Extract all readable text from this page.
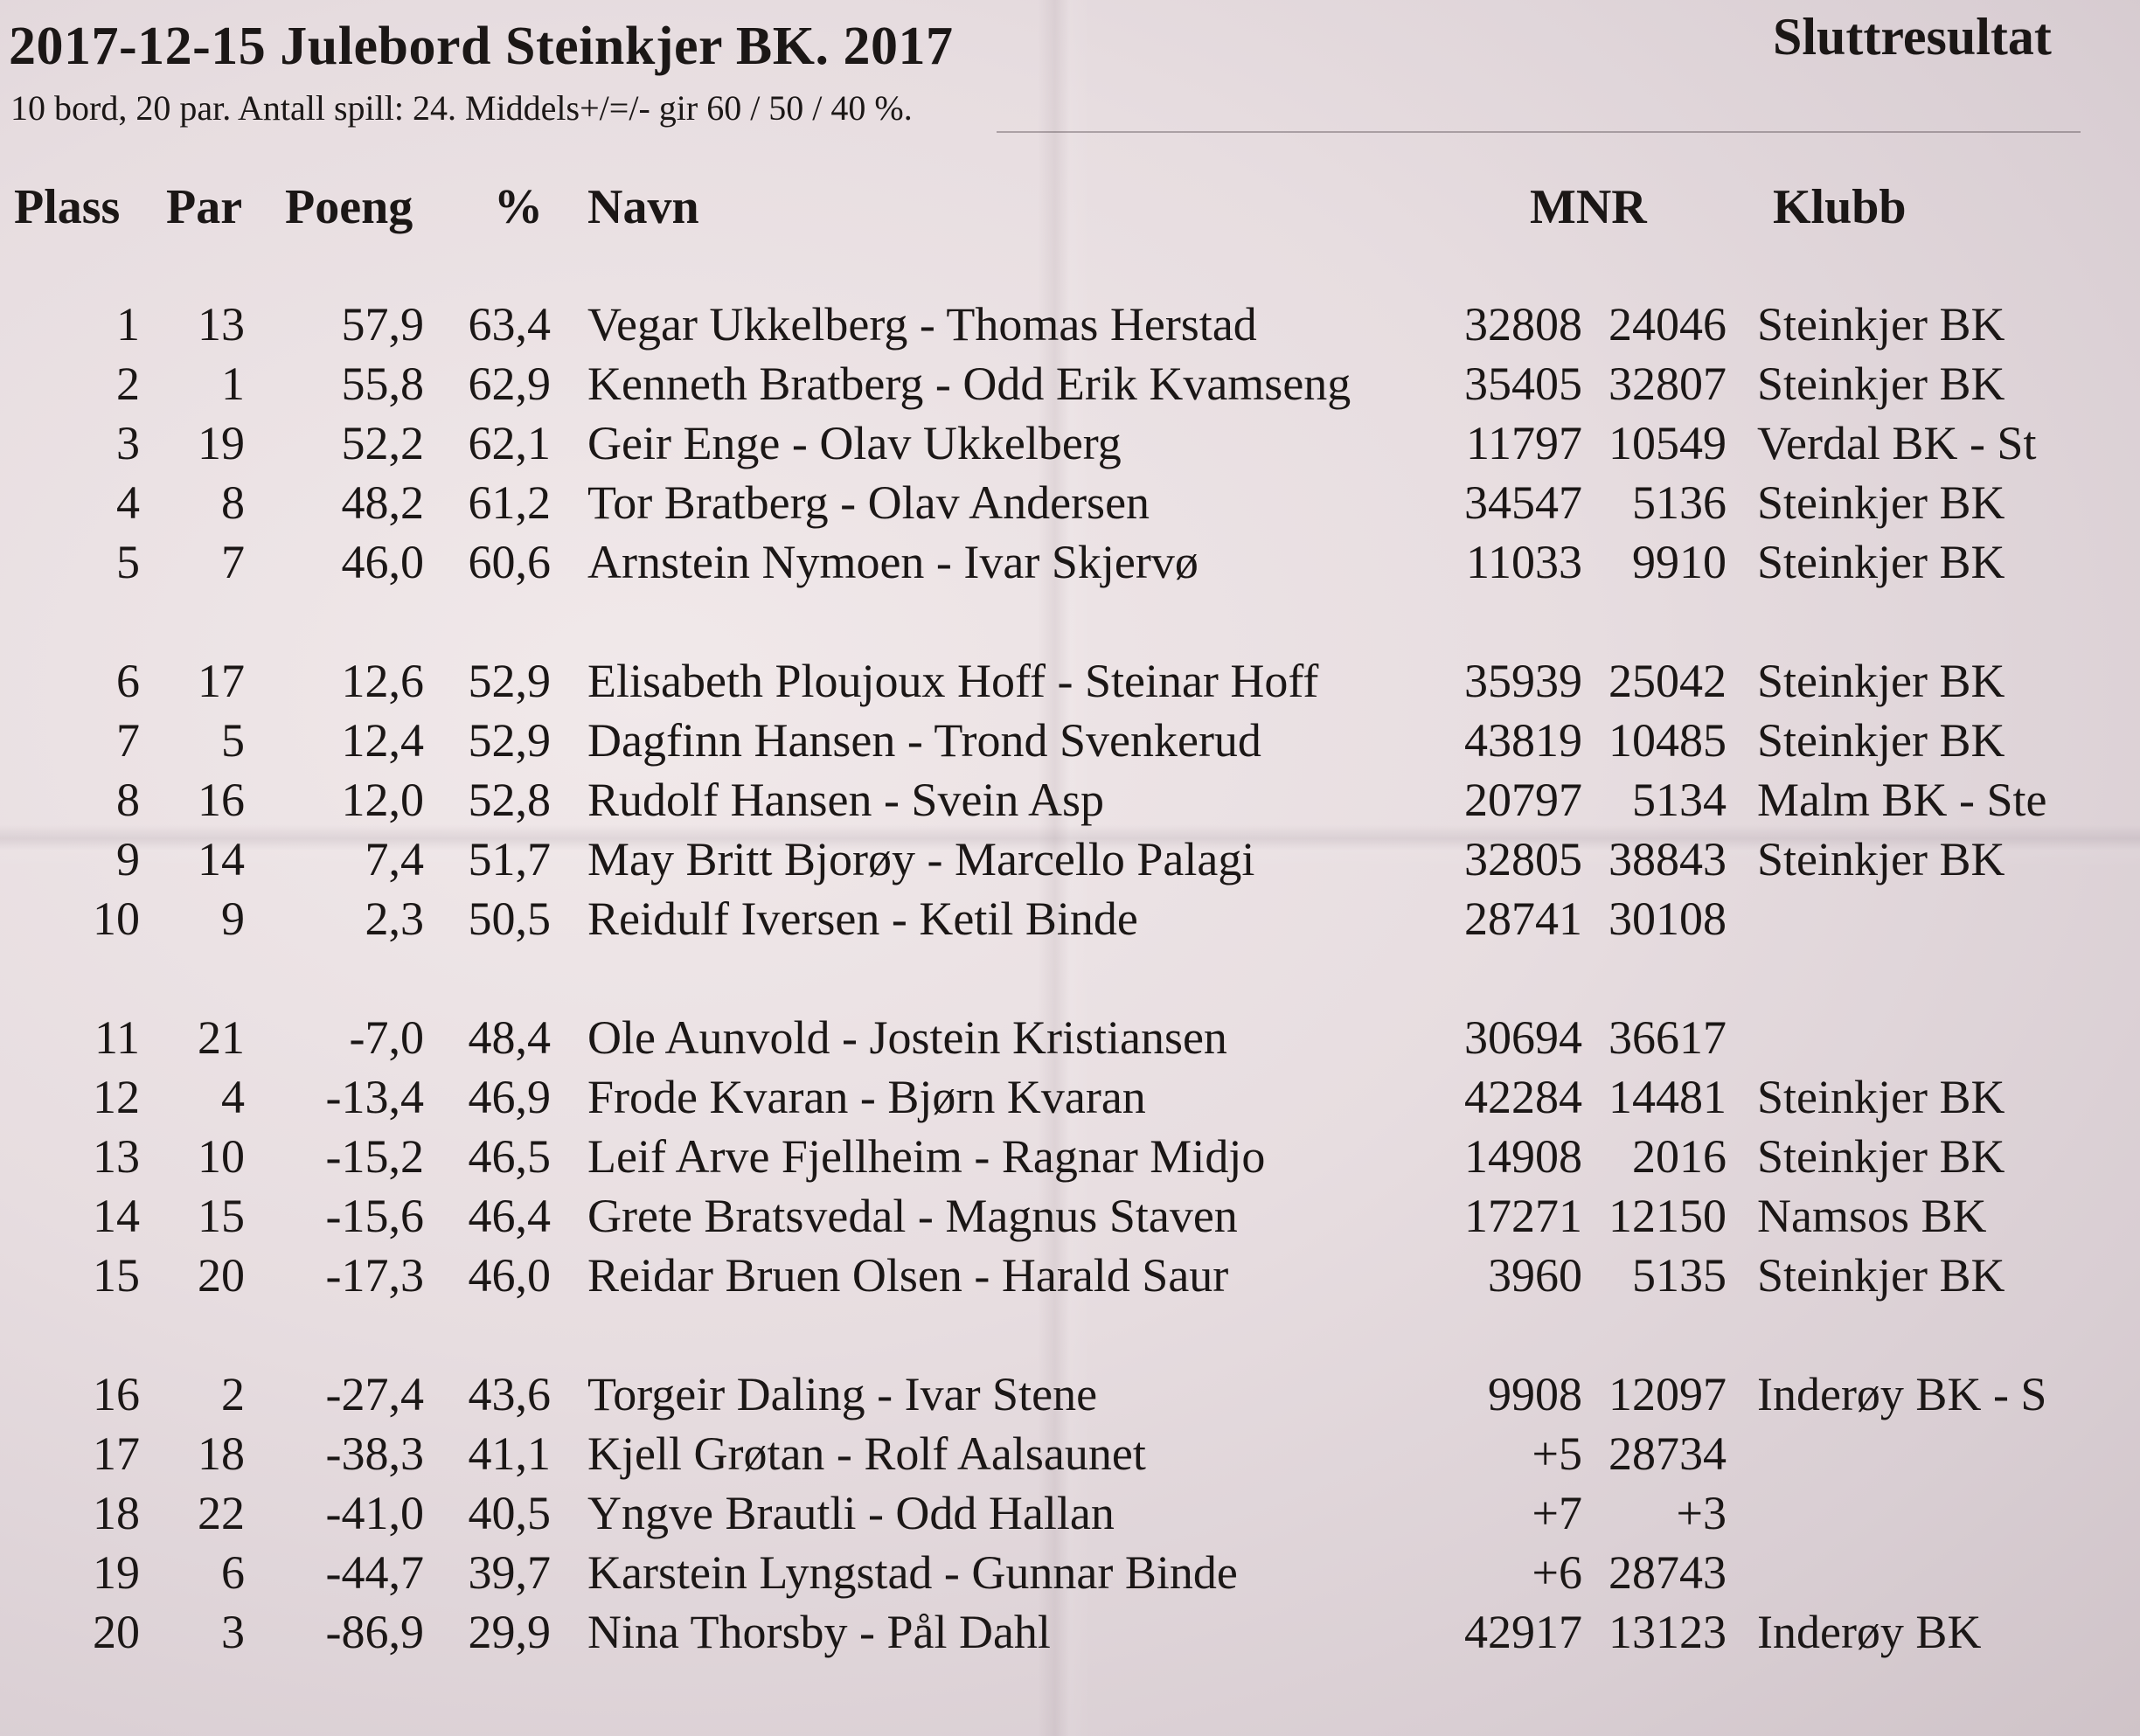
2017-12-15 Julebord Steinkjer BK. 2017	Sluttresultat
10 bord, 20 par. Antall spill: 24. Middels+/=/- gir 60 / 50 / 40 %.
Plass Par Poeng % Navn	MNR	Klubb
1	13	57,9 63,4 Vegar Ukkelberg - Thomas Herstad	32808 24046 Steinkjer BK
2	1	55,8 62,9 Kenneth Bratberg - Odd Erik Kvamseng	35405 32807 Steinkjer BK
3	19	52,2 62,1 Geir Enge - Olav Ukkelberg	11797 10549 Verdal BK - St
4	8	48,2 61,2 Tor Bratberg - Olav Andersen	34547	5136 Steinkjer BK
5	7	46,0 60,6 Arnstein Nymoen - Ivar Skjervø	11033	9910 Steinkjer BK
6	17	12,6 52,9 Elisabeth Ploujoux Hoff - Steinar Hoff	35939 25042 Steinkjer BK
7	5	12,4 52,9 Dagfinn Hansen - Trond Svenkerud	43819 10485 Steinkjer BK
8	16	12,0 52,8 Rudolf Hansen - Svein Asp	20797	5134 Malm BK - Ste
9	14	7,4 51,7 May Britt Bjorøy - Marcello Palagi	32805 38843 Steinkjer BK
10	9	2,3 50,5 Reidulf Iversen - Ketil Binde	28741 30108
11	21	-7,0 48,4 Ole Aunvold - Jostein Kristiansen	30694 36617
12	4	-13,4 46,9 Frode Kvaran - Bjørn Kvaran	42284 14481 Steinkjer BK
13	10	-15,2 46,5 Leif Arve Fjellheim - Ragnar Midjo	14908	2016 Steinkjer BK
14	15	-15,6 46,4 Grete Bratsvedal - Magnus Staven	17271 12150 Namsos BK
15	20	-17,3 46,0 Reidar Bruen Olsen - Harald Saur	3960	5135 Steinkjer BK
16	2	-27,4 43,6 Torgeir Daling - Ivar Stene	9908 12097 Inderøy BK - S
17	18	-38,3 41,1 Kjell Grøtan - Rolf Aalsaunet	+5 28734
18	22	-41,0 40,5 Yngve Brautli - Odd Hallan	+7	+3
19	6	-44,7 39,7 Karstein Lyngstad - Gunnar Binde	+6 28743
20	3	-86,9 29,9 Nina Thorsby - Pål Dahl	42917 13123 Inderøy BK
